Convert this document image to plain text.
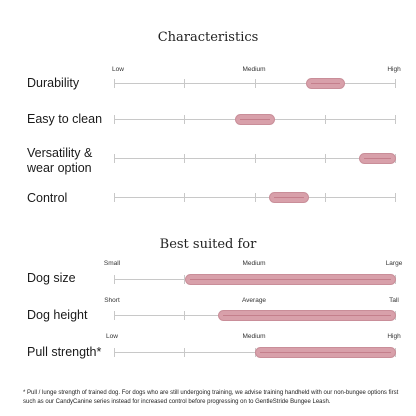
Characteristics
Low	Medium	High
Durability
Easy to clean
Versatility &
wear option
Control
Best suited for
Small	Medium	Large
Dog size
Short	Average	Tall
Dog height
Low	Medium	High
Pull strength*
* Pull / lunge strength of trained dog. For dogs who are still undergoing training, we advise training handheld with our non-bungee options first such as our CandyCanine series instead for increased control before progressing on to GentleStride Bungee Leash.
